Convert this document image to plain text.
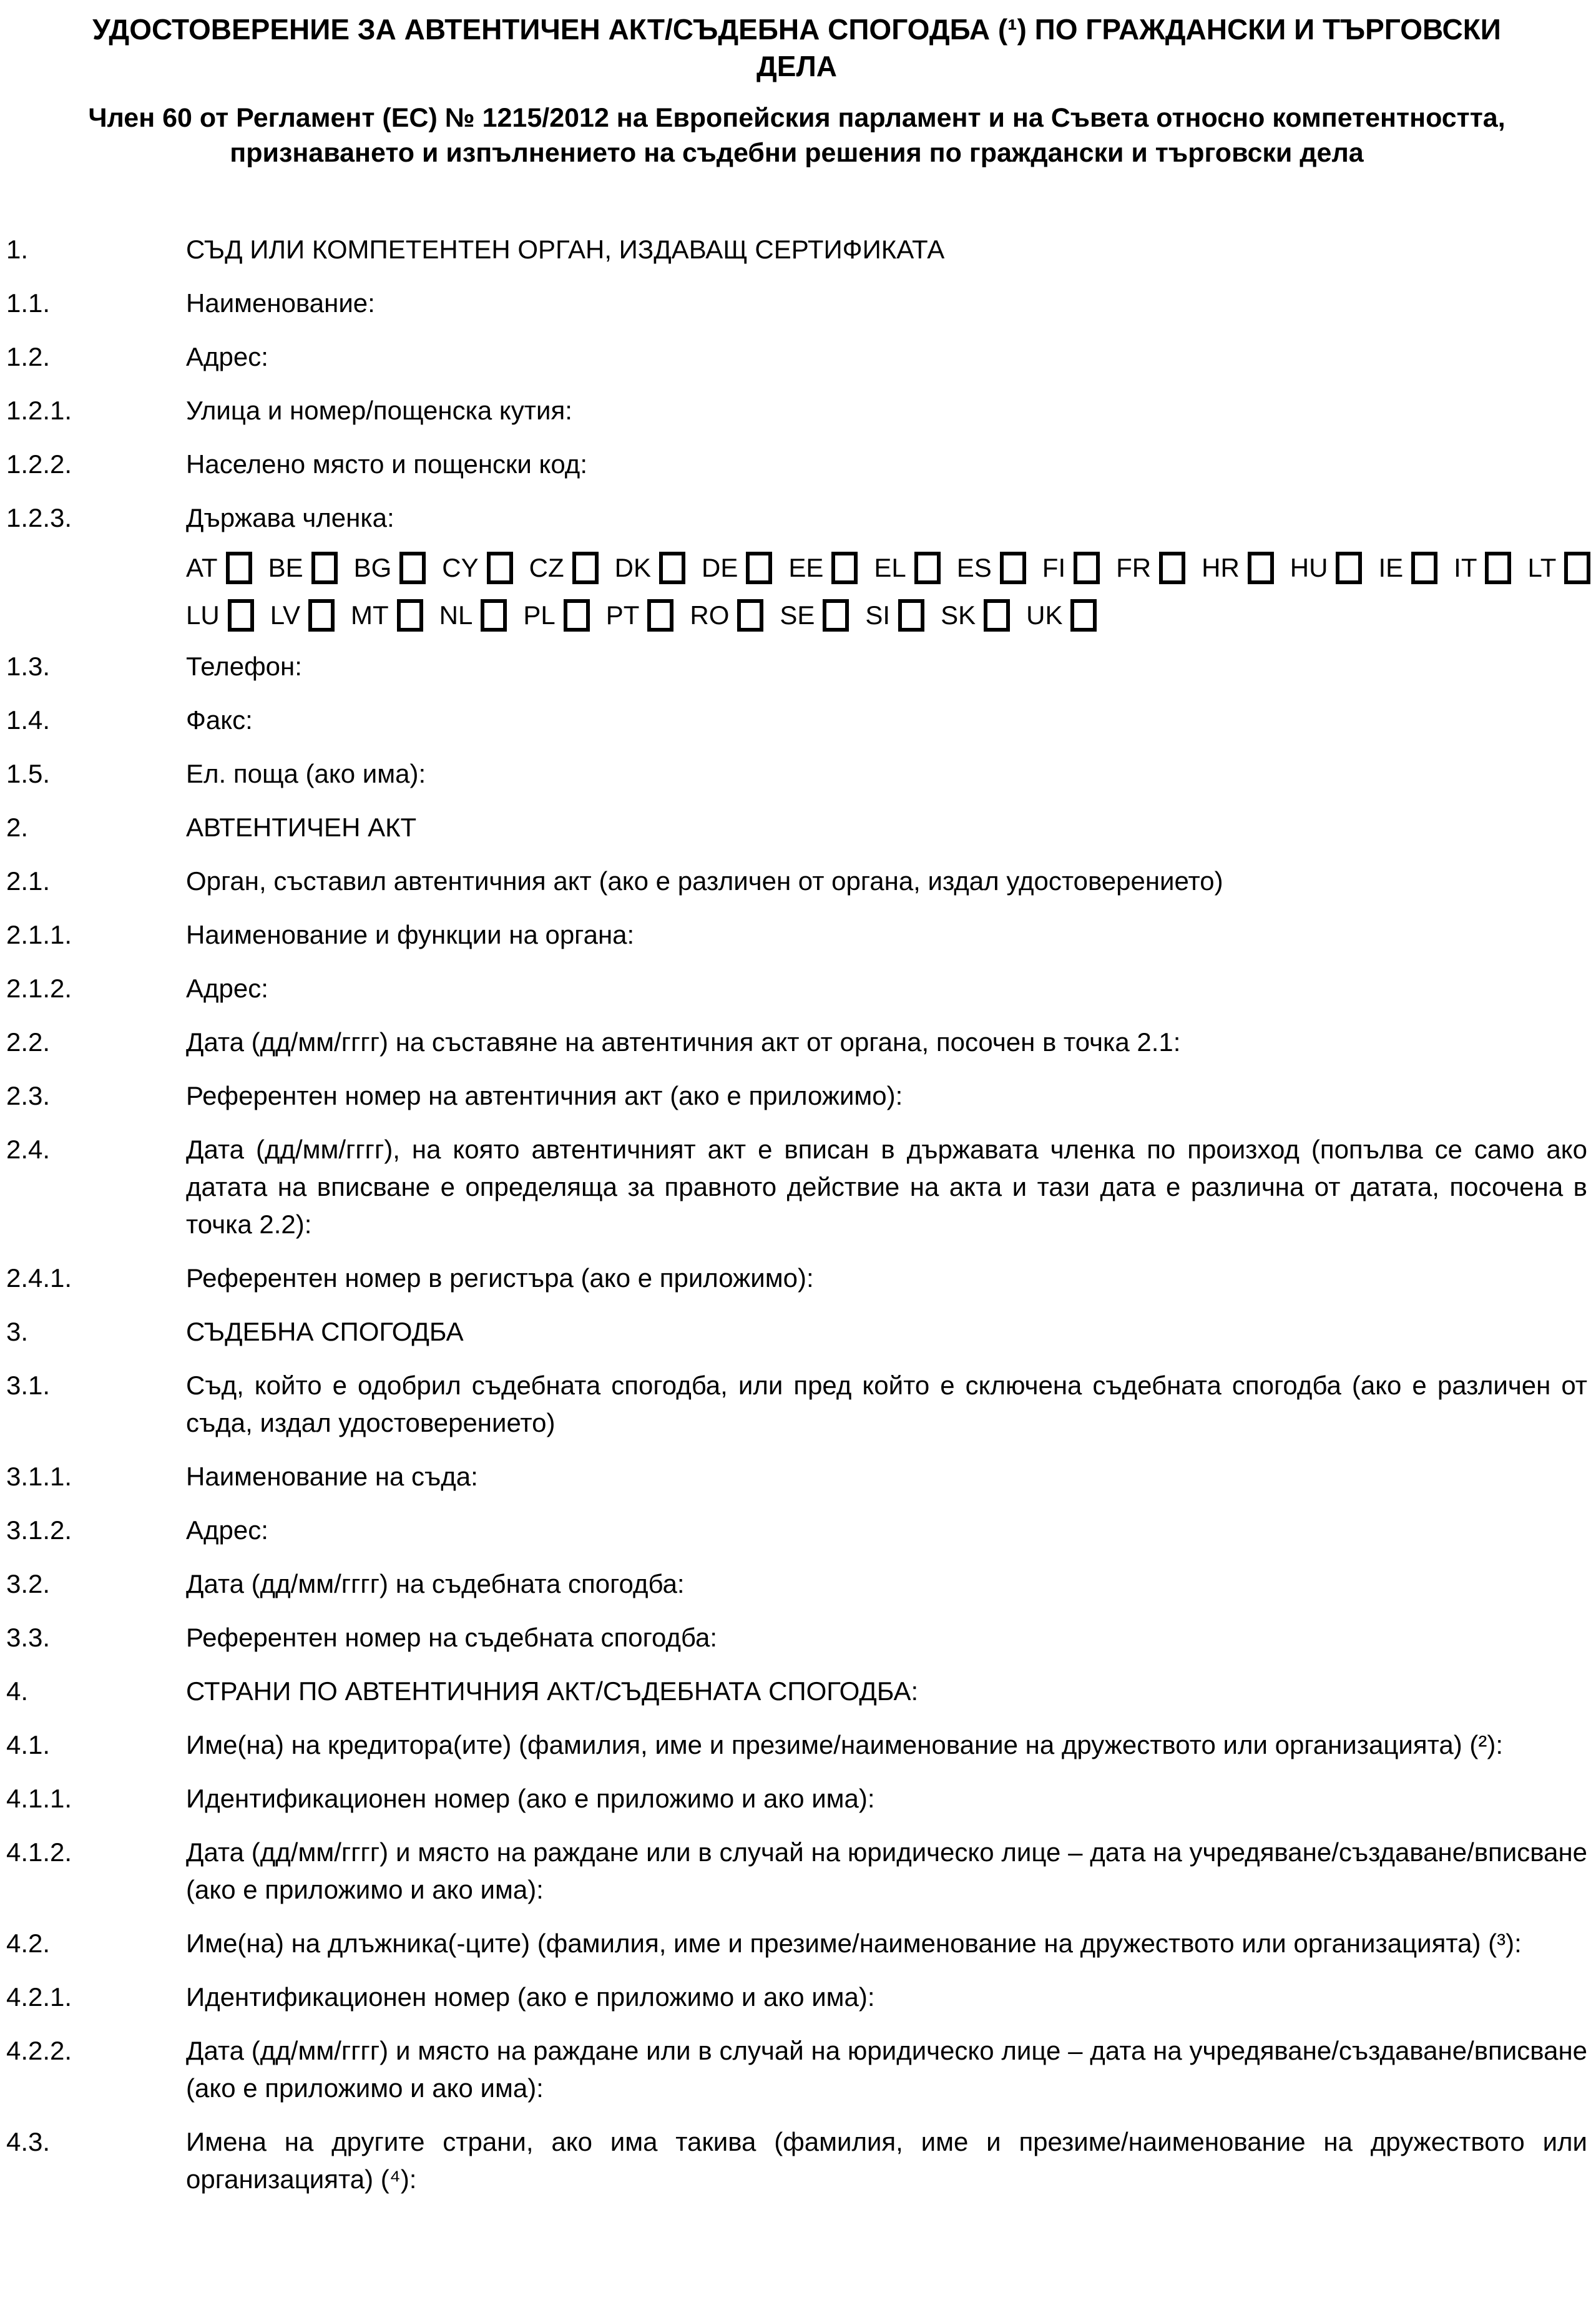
УДОСТОВЕРЕНИЕ ЗА АВТЕНТИЧЕН АКТ/СЪДЕБНА СПОГОДБА (¹) ПО ГРАЖДАНСКИ И ТЪРГОВСКИ ДЕЛА

Член 60 от Регламент (ЕС) № 1215/2012 на Европейския парламент и на Съвета относно компетентността, признаването и изпълнението на съдебни решения по граждански и търговски дела

1.	СЪД ИЛИ КОМПЕТЕНТЕН ОРГАН, ИЗДАВАЩ СЕРТИФИКАТА
1.1.	Наименование:
1.2.	Адрес:
1.2.1.	Улица и номер/пощенска кутия:
1.2.2.	Населено място и пощенски код:
1.2.3.	Държава членка:
AT BE BG CY CZ DK DE EE EL ES FI FR HR HU IE IT LT
LU LV MT NL PL PT RO SE SI SK UK
1.3.	Телефон:
1.4.	Факс:
1.5.	Ел. поща (ако има):
2.	АВТЕНТИЧЕН АКТ
2.1.	Орган, съставил автентичния акт (ако е различен от органа, издал удостоверението)
2.1.1.	Наименование и функции на органа:
2.1.2.	Адрес:
2.2.	Дата (дд/мм/гггг) на съставяне на автентичния акт от органа, посочен в точка 2.1:
2.3.	Референтен номер на автентичния акт (ако е приложимо):
2.4.	Дата (дд/мм/гггг), на която автентичният акт е вписан в държавата членка по произход (попълва се само ако датата на вписване е определяща за правното действие на акта и тази дата е различна от датата, посочена в точка 2.2):
2.4.1.	Референтен номер в регистъра (ако е приложимо):
3.	СЪДЕБНА СПОГОДБА
3.1.	Съд, който е одобрил съдебната спогодба, или пред който е сключена съдебната спогодба (ако е различен от съда, издал удостоверението)
3.1.1.	Наименование на съда:
3.1.2.	Адрес:
3.2.	Дата (дд/мм/гггг) на съдебната спогодба:
3.3.	Референтен номер на съдебната спогодба:
4.	СТРАНИ ПО АВТЕНТИЧНИЯ АКТ/СЪДЕБНАТА СПОГОДБА:
4.1.	Име(на) на кредитора(ите) (фамилия, име и презиме/наименование на дружеството или организацията) (²):
4.1.1.	Идентификационен номер (ако е приложимо и ако има):
4.1.2.	Дата (дд/мм/гггг) и място на раждане или в случай на юридическо лице – дата на учредяване/създаване/вписване (ако е приложимо и ако има):
4.2.	Име(на) на длъжника(-ците) (фамилия, име и презиме/наименование на дружеството или организацията) (³):
4.2.1.	Идентификационен номер (ако е приложимо и ако има):
4.2.2.	Дата (дд/мм/гггг) и място на раждане или в случай на юридическо лице – дата на учредяване/създаване/вписване (ако е приложимо и ако има):
4.3.	Имена на другите страни, ако има такива (фамилия, име и презиме/наименование на дружеството или организацията) (⁴):
